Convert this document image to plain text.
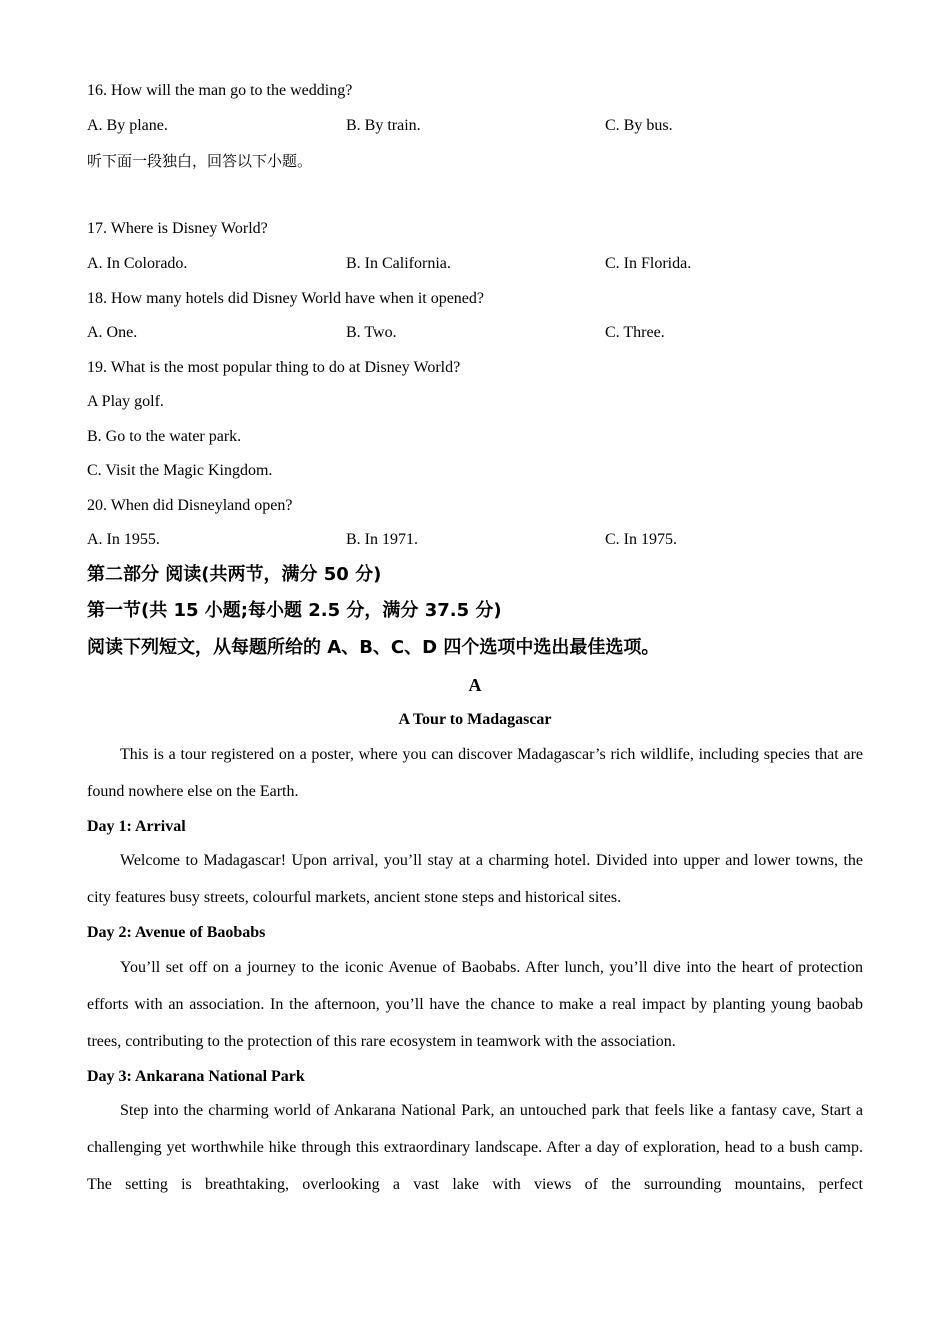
16. How will the man go to the wedding?
A. By plane.	B. By train.	C. By bus.
听下面一段独白，回答以下小题。
17. Where is Disney World?
A. In Colorado.	B. In California.	C. In Florida.
18. How many hotels did Disney World have when it opened?
A. One.	B. Two.	C. Three.
19. What is the most popular thing to do at Disney World?
A Play golf.
B. Go to the water park.
C. Visit the Magic Kingdom.
20. When did Disneyland open?
A. In 1955.	B. In 1971.	C. In 1975.
第二部分 阅读(共两节，满分 50 分)
第一节(共 15 小题;每小题 2.5 分，满分 37.5 分)
阅读下列短文，从每题所给的 A、B、C、D 四个选项中选出最佳选项。
A
A Tour to Madagascar
This is a tour registered on a poster, where you can discover Madagascar’s rich wildlife, including species that are found nowhere else on the Earth.
Day 1: Arrival
Welcome to Madagascar! Upon arrival, you’ll stay at a charming hotel. Divided into upper and lower towns, the city features busy streets, colourful markets, ancient stone steps and historical sites.
Day 2: Avenue of Baobabs
You’ll set off on a journey to the iconic Avenue of Baobabs. After lunch, you’ll dive into the heart of protection efforts with an association. In the afternoon, you’ll have the chance to make a real impact by planting young baobab trees, contributing to the protection of this rare ecosystem in teamwork with the association.
Day 3: Ankarana National Park
Step into the charming world of Ankarana National Park, an untouched park that feels like a fantasy cave, Start a challenging yet worthwhile hike through this extraordinary landscape. After a day of exploration, head to a bush camp. The setting is breathtaking, overlooking a vast lake with views of the surrounding mountains, perfect
